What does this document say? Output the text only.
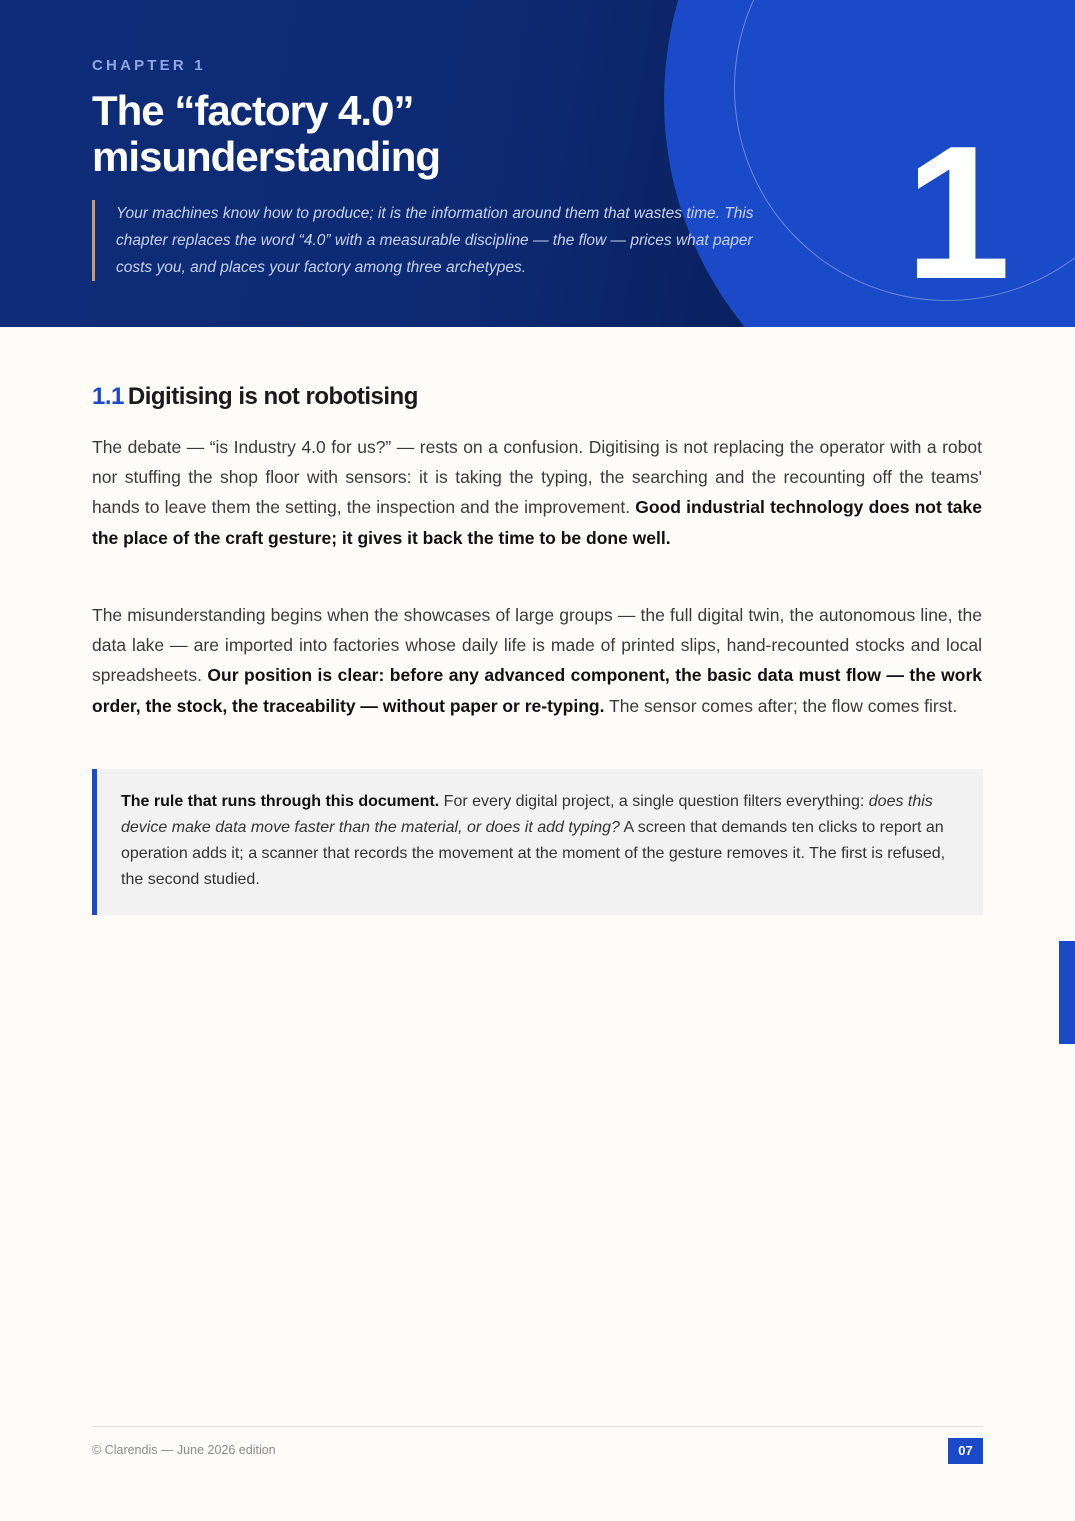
CHAPTER 1
The “factory 4.0”
misunderstanding
Your machines know how to produce; it is the information around them that wastes time. This chapter replaces the word “4.0” with a measurable discipline — the flow — prices what paper costs you, and places your factory among three archetypes.	1
1.1 Digitising is not robotising

The debate — “is Industry 4.0 for us?” — rests on a confusion. Digitising is not replacing the operator with a robot nor stuffing the shop floor with sensors: it is taking the typing, the searching and the recounting off the teams' hands to leave them the setting, the inspection and the improvement. Good industrial technology does not take the place of the craft gesture; it gives it back the time to be done well.

The misunderstanding begins when the showcases of large groups — the full digital twin, the autonomous line, the data lake — are imported into factories whose daily life is made of printed slips, hand-recounted stocks and local spreadsheets. Our position is clear: before any advanced component, the basic data must flow — the work order, the stock, the traceability — without paper or re-typing. The sensor comes after; the flow comes first.

The rule that runs through this document. For every digital project, a single question filters everything: does this device make data move faster than the material, or does it add typing? A screen that demands ten clicks to report an operation adds it; a scanner that records the movement at the moment of the gesture removes it. The first is refused, the second studied.
© Clarendis — June 2026 edition	07
